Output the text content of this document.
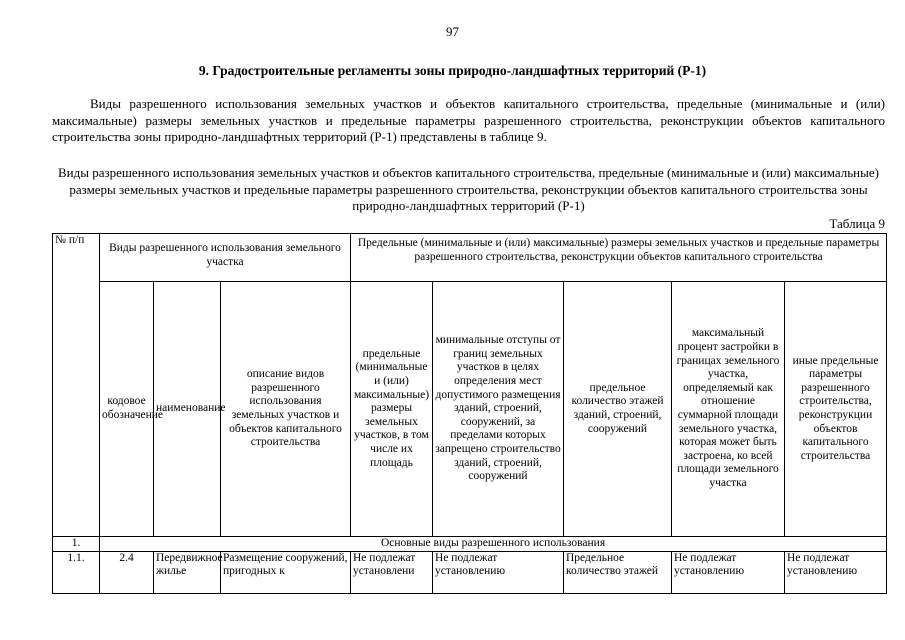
97
9. Градостроительные регламенты зоны природно-ландшафтных территорий (Р-1)
Виды разрешенного использования земельных участков и объектов капитального строительства, предельные (минимальные и (или) максимальные) размеры земельных участков и предельные параметры разрешенного строительства, реконструкции объектов капитального строительства зоны природно-ландшафтных территорий (Р-1) представлены в таблице 9.
Виды разрешенного использования земельных участков и объектов капитального строительства, предельные (минимальные и (или) максимальные) размеры земельных участков и предельные параметры разрешенного строительства, реконструкции объектов капитального строительства зоны природно-ландшафтных территорий (Р-1)
Таблица 9
№ п/п	Виды разрешенного использования земельного участка			Предельные (минимальные и (или) максимальные) размеры земельных участков и предельные параметры разрешенного строительства, реконструкции объектов капитального строительства				
	кодовое обозначение	наименование	описание видов разрешенного использования земельных участков и объектов капитального строительства	предельные (минимальные и (или) максимальные) размеры земельных участков, в том числе их площадь	минимальные отступы от границ земельных участков в целях определения мест допустимого размещения зданий, строений, сооружений, за пределами которых запрещено строительство зданий, строений, сооружений	предельное количество этажей зданий, строений, сооружений	максимальный процент застройки в границах земельного участка, определяемый как отношение суммарной площади земельного участка, которая может быть застроена, ко всей площади земельного участка	иные предельные параметры разрешенного строительства, реконструкции объектов капитального строительства
1.	Основные виды разрешенного использования							
1.1.	2.4	Передвижное жилье	Размещение сооружений, пригодных к	Не подлежат установлени	Не подлежат установлению	Предельное количество этажей	Не подлежат установлению	Не подлежат установлению
